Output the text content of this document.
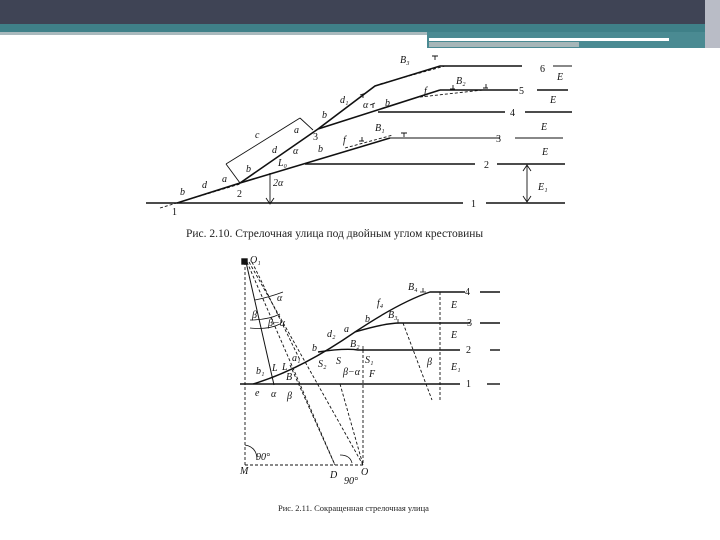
B₃
B₂
B₁
6
5
4
3
2
1
E
E
E
E
E₁
d₁ α b
b
f
a
3
c
d α b
f
L₀
b
a
d
b	2
1
2α
O₁
α
β
β−α
B₄
f₄
B₃
b
a
d₂
b	B₂
S₁
S
S₂
a₁
L
L
B
b₁
e α β
β−α F
E
E
E₁
β
4
3
2
1
M
90°
O
D
90°
Рис. 2.10. Стрелочная улица под двойным углом крестовины
Рис. 2.11. Сокращенная стрелочная улица
